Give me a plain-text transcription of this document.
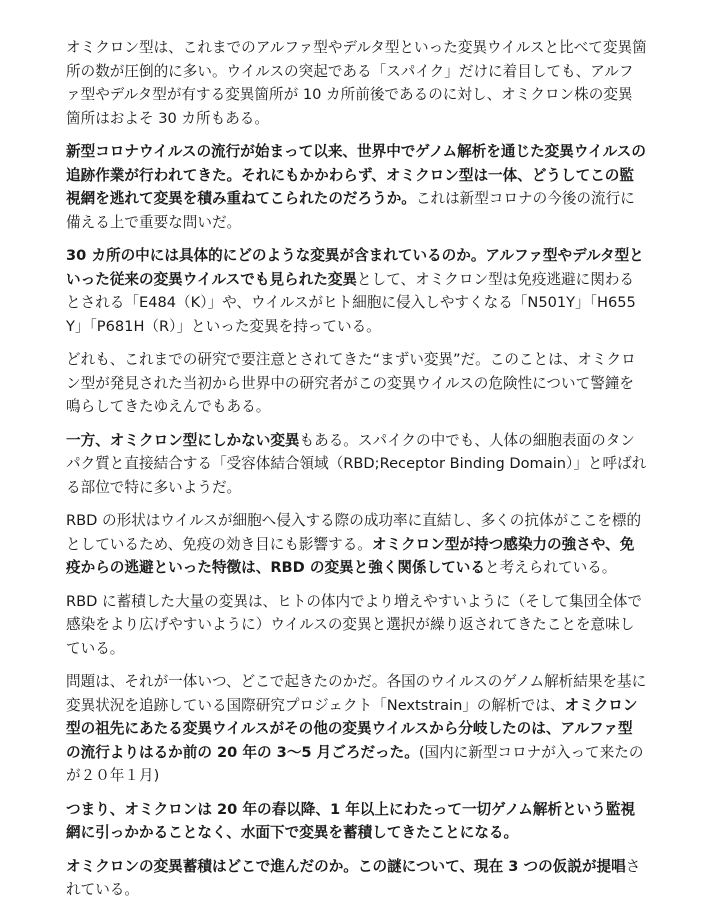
オミクロン型は、これまでのアルファ型やデルタ型といった変異ウイルスと比べて変異箇所の数が圧倒的に多い。ウイルスの突起である「スパイク」だけに着目しても、アルファ型やデルタ型が有する変異箇所が 10 カ所前後であるのに対し、オミクロン株の変異箇所はおよそ 30 カ所もある。

新型コロナウイルスの流行が始まって以来、世界中でゲノム解析を通じた変異ウイルスの追跡作業が行われてきた。それにもかかわらず、オミクロン型は一体、どうしてこの監視網を逃れて変異を積み重ねてこられたのだろうか。これは新型コロナの今後の流行に備える上で重要な問いだ。

30 カ所の中には具体的にどのような変異が含まれているのか。アルファ型やデルタ型といった従来の変異ウイルスでも見られた変異として、オミクロン型は免疫逃避に関わるとされる「E484（K）」や、ウイルスがヒト細胞に侵入しやすくなる「N501Y」「H655Y」「P681H（R）」といった変異を持っている。

どれも、これまでの研究で要注意とされてきた“まずい変異”だ。このことは、オミクロン型が発見された当初から世界中の研究者がこの変異ウイルスの危険性について警鐘を鳴らしてきたゆえんでもある。

一方、オミクロン型にしかない変異もある。スパイクの中でも、人体の細胞表面のタンパク質と直接結合する「受容体結合領域（RBD;Receptor Binding Domain）」と呼ばれる部位で特に多いようだ。

RBD の形状はウイルスが細胞へ侵入する際の成功率に直結し、多くの抗体がここを標的としているため、免疫の効き目にも影響する。オミクロン型が持つ感染力の強さや、免疫からの逃避といった特徴は、RBD の変異と強く関係していると考えられている。

RBD に蓄積した大量の変異は、ヒトの体内でより増えやすいように（そして集団全体で感染をより広げやすいように）ウイルスの変異と選択が繰り返されてきたことを意味している。

問題は、それが一体いつ、どこで起きたのかだ。各国のウイルスのゲノム解析結果を基に変異状況を追跡している国際研究プロジェクト「Nextstrain」の解析では、オミクロン型の祖先にあたる変異ウイルスがその他の変異ウイルスから分岐したのは、アルファ型の流行よりはるか前の 20 年の 3～5 月ごろだった。(国内に新型コロナが入って来たのが２０年１月)

つまり、オミクロンは 20 年の春以降、1 年以上にわたって一切ゲノム解析という監視網に引っかかることなく、水面下で変異を蓄積してきたことになる。

オミクロンの変異蓄積はどこで進んだのか。この謎について、現在 3 つの仮説が提唱されている。
